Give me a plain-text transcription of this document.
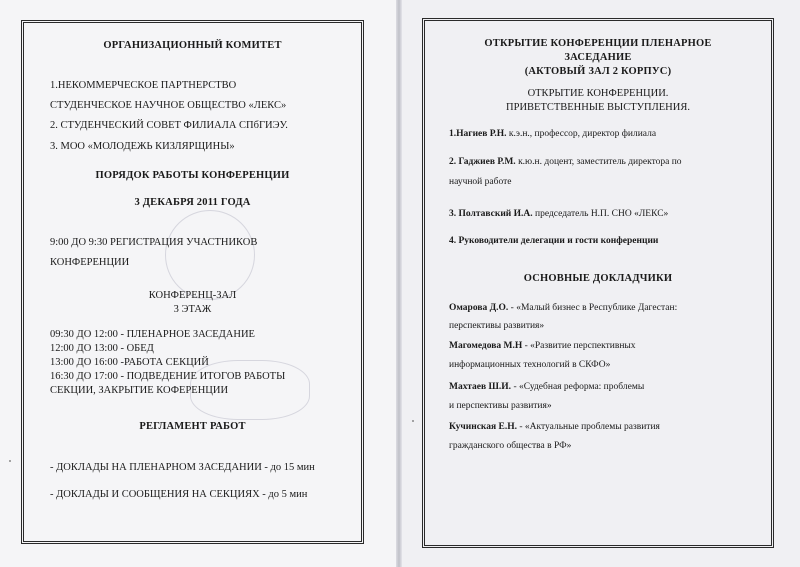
ОРГАНИЗАЦИОННЫЙ КОМИТЕТ
1.НЕКОММЕРЧЕСКОЕ ПАРТНЕРСТВО
СТУДЕНЧЕСКОЕ НАУЧНОЕ ОБЩЕСТВО «ЛЕКС»
2. СТУДЕНЧЕСКИЙ СОВЕТ ФИЛИАЛА СПбГИЭУ.
3. МОО «МОЛОДЕЖЬ КИЗЛЯРЩИНЫ»
ПОРЯДОК РАБОТЫ КОНФЕРЕНЦИИ
3 ДЕКАБРЯ 2011 ГОДА
9:00 ДО 9:30 РЕГИСТРАЦИЯ УЧАСТНИКОВ
КОНФЕРЕНЦИИ
КОНФЕРЕНЦ-ЗАЛ
3 ЭТАЖ
09:30 ДО 12:00 - ПЛЕНАРНОЕ ЗАСЕДАНИЕ
12:00 ДО 13:00 - ОБЕД
13:00 ДО 16:00 -РАБОТА СЕКЦИЙ
16:30 ДО 17:00 - ПОДВЕДЕНИЕ ИТОГОВ РАБОТЫ
СЕКЦИИ, ЗАКРЫТИЕ КОФЕРЕНЦИИ
РЕГЛАМЕНТ РАБОТ
- ДОКЛАДЫ НА ПЛЕНАРНОМ ЗАСЕДАНИИ - до 15 мин
- ДОКЛАДЫ И СООБЩЕНИЯ НА СЕКЦИЯХ - до 5 мин
ОТКРЫТИЕ КОНФЕРЕНЦИИ ПЛЕНАРНОЕ
ЗАСЕДАНИЕ
(АКТОВЫЙ ЗАЛ 2 КОРПУС)
ОТКРЫТИЕ КОНФЕРЕНЦИИ.
ПРИВЕТСТВЕННЫЕ ВЫСТУПЛЕНИЯ.
1.Нагиев Р.Н. к.э.н., профессор, директор филиала
2. Гаджиев Р.М. к.ю.н. доцент, заместитель директора по
научной работе
3. Полтавский И.А. председатель Н.П. СНО «ЛЕКС»
4. Руководители делегации и гости конференции
ОСНОВНЫЕ ДОКЛАДЧИКИ
Омарова Д.О. - «Малый бизнес в Республике Дагестан:
перспективы развития»
Магомедова М.Н - «Развитие перспективных
информационных технологий в СКФО»
Махтаев Ш.И. - «Судебная реформа: проблемы
и перспективы развития»
Кучинская Е.Н. - «Актуальные проблемы развития
гражданского общества в РФ»
